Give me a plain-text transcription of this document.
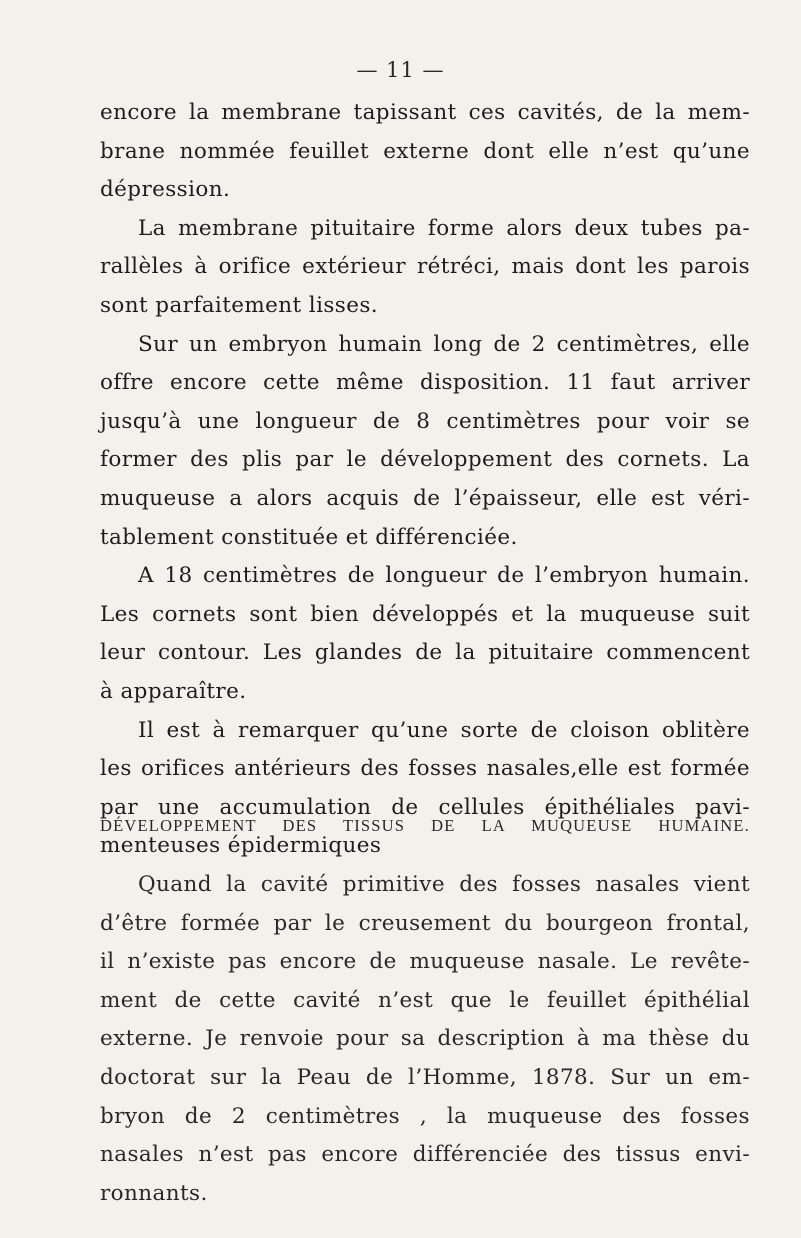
— 11 —
encore la membrane tapissant ces cavités, de la mem-
brane nommée feuillet externe dont elle n’est qu’une
dépression.
La membrane pituitaire forme alors deux tubes pa-
rallèles à orifice extérieur rétréci, mais dont les parois
sont parfaitement lisses.
Sur un embryon humain long de 2 centimètres, elle
offre encore cette même disposition. 11 faut arriver
jusqu’à une longueur de 8 centimètres pour voir se
former des plis par le développement des cornets. La
muqueuse a alors acquis de l’épaisseur, elle est véri-
tablement constituée et différenciée.
A 18 centimètres de longueur de l’embryon humain.
Les cornets sont bien développés et la muqueuse suit
leur contour. Les glandes de la pituitaire commencent
à apparaître.
Il est à remarquer qu’une sorte de cloison oblitère
les orifices antérieurs des fosses nasales,elle est formée
par une accumulation de cellules épithéliales pavi-
menteuses épidermiques
DÉVELOPPEMENT DES TISSUS DE LA MUQUEUSE HUMAINE.
Quand la cavité primitive des fosses nasales vient
d’être formée par le creusement du bourgeon frontal,
il n’existe pas encore de muqueuse nasale. Le revête-
ment de cette cavité n’est que le feuillet épithélial
externe. Je renvoie pour sa description à ma thèse du
doctorat sur la Peau de l’Homme, 1878. Sur un em-
bryon de 2 centimètres , la muqueuse des fosses
nasales n’est pas encore différenciée des tissus envi-
ronnants.
